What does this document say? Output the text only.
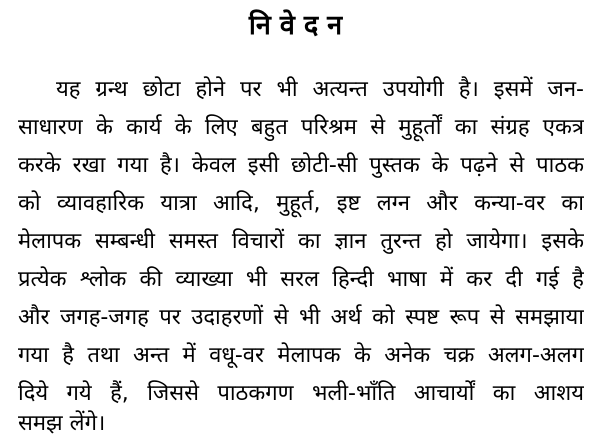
निवेदन
यह ग्रन्थ छोटा होने पर भी अत्यन्त उपयोगी है। इसमें जन-
साधारण के कार्य के लिए बहुत परिश्रम से मुहूर्तों का संग्रह एकत्र
करके रखा गया है। केवल इसी छोटी-सी पुस्तक के पढ़ने से पाठक
को व्यावहारिक यात्रा आदि, मुहूर्त, इष्ट लग्न और कन्या-वर का
मेलापक सम्बन्धी समस्त विचारों का ज्ञान तुरन्त हो जायेगा। इसके
प्रत्येक श्लोक की व्याख्या भी सरल हिन्दी भाषा में कर दी गई है
और जगह-जगह पर उदाहरणों से भी अर्थ को स्पष्ट रूप से समझाया
गया है तथा अन्त में वधू-वर मेलापक के अनेक चक्र अलग-अलग
दिये गये हैं, जिससे पाठकगण भली-भाँति आचार्यों का आशय
समझ लेंगे।
